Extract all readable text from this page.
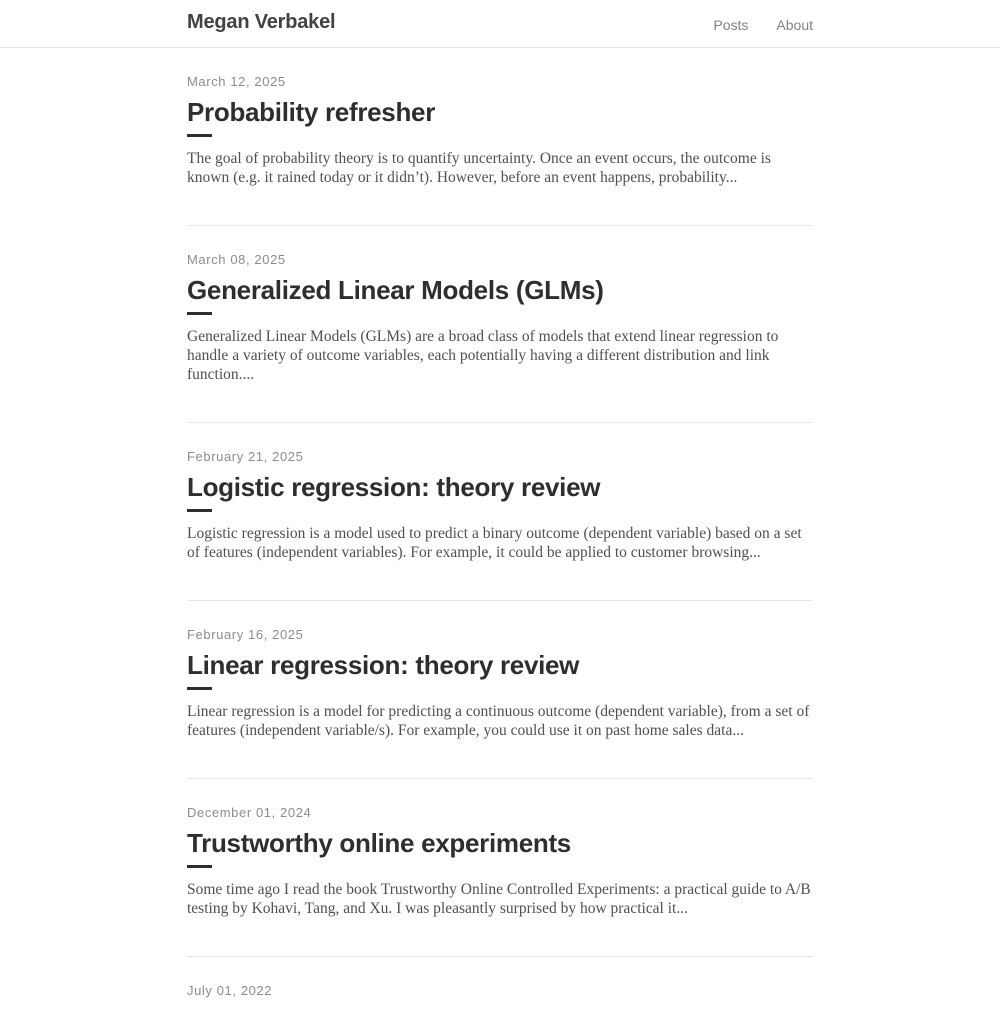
Megan Verbakel	Posts About
March 12, 2025
Probability refresher

The goal of probability theory is to quantify uncertainty. Once an event occurs, the outcome is known (e.g. it rained today or it didn’t). However, before an event happens, probability...

March 08, 2025
Generalized Linear Models (GLMs)

Generalized Linear Models (GLMs) are a broad class of models that extend linear regression to handle a variety of outcome variables, each potentially having a different distribution and link function....

February 21, 2025
Logistic regression: theory review

Logistic regression is a model used to predict a binary outcome (dependent variable) based on a set of features (independent variables). For example, it could be applied to customer browsing...

February 16, 2025
Linear regression: theory review

Linear regression is a model for predicting a continuous outcome (dependent variable), from a set of features (independent variable/s). For example, you could use it on past home sales data...

December 01, 2024
Trustworthy online experiments

Some time ago I read the book Trustworthy Online Controlled Experiments: a practical guide to A/B testing by Kohavi, Tang, and Xu. I was pleasantly surprised by how practical it...

July 01, 2022
